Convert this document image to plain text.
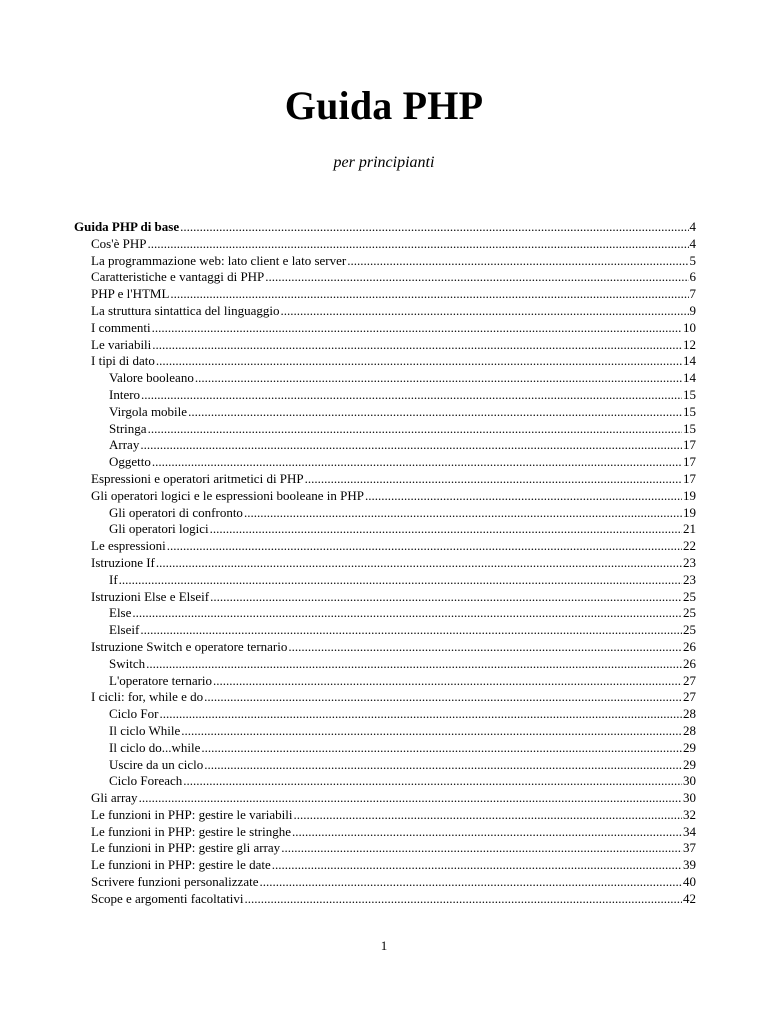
Guida PHP
per principianti
Guida PHP di base .....	4
Cos'è PHP .....	4
La programmazione web: lato client e lato server .....	5
Caratteristiche e vantaggi di PHP .....	6
PHP e l'HTML .....	7
La struttura sintattica del linguaggio .....	9
I commenti .....	10
Le variabili .....	12
I tipi di dato .....	14
Valore booleano .....	14
Intero .....	15
Virgola mobile .....	15
Stringa .....	15
Array .....	17
Oggetto .....	17
Espressioni e operatori aritmetici di PHP .....	17
Gli operatori logici e le espressioni booleane in PHP .....	19
Gli operatori di confronto .....	19
Gli operatori logici .....	21
Le espressioni .....	22
Istruzione If .....	23
If .....	23
Istruzioni Else e Elseif .....	25
Else .....	25
Elseif .....	25
Istruzione Switch e operatore ternario .....	26
Switch .....	26
L'operatore ternario .....	27
I cicli: for, while e do .....	27
Ciclo For .....	28
Il ciclo While .....	28
Il ciclo do...while .....	29
Uscire da un ciclo .....	29
Ciclo Foreach .....	30
Gli array .....	30
Le funzioni in PHP: gestire le variabili .....	32
Le funzioni in PHP: gestire le stringhe .....	34
Le funzioni in PHP: gestire gli array .....	37
Le funzioni in PHP: gestire le date .....	39
Scrivere funzioni personalizzate .....	40
Scope e argomenti facoltativi .....	42
1
